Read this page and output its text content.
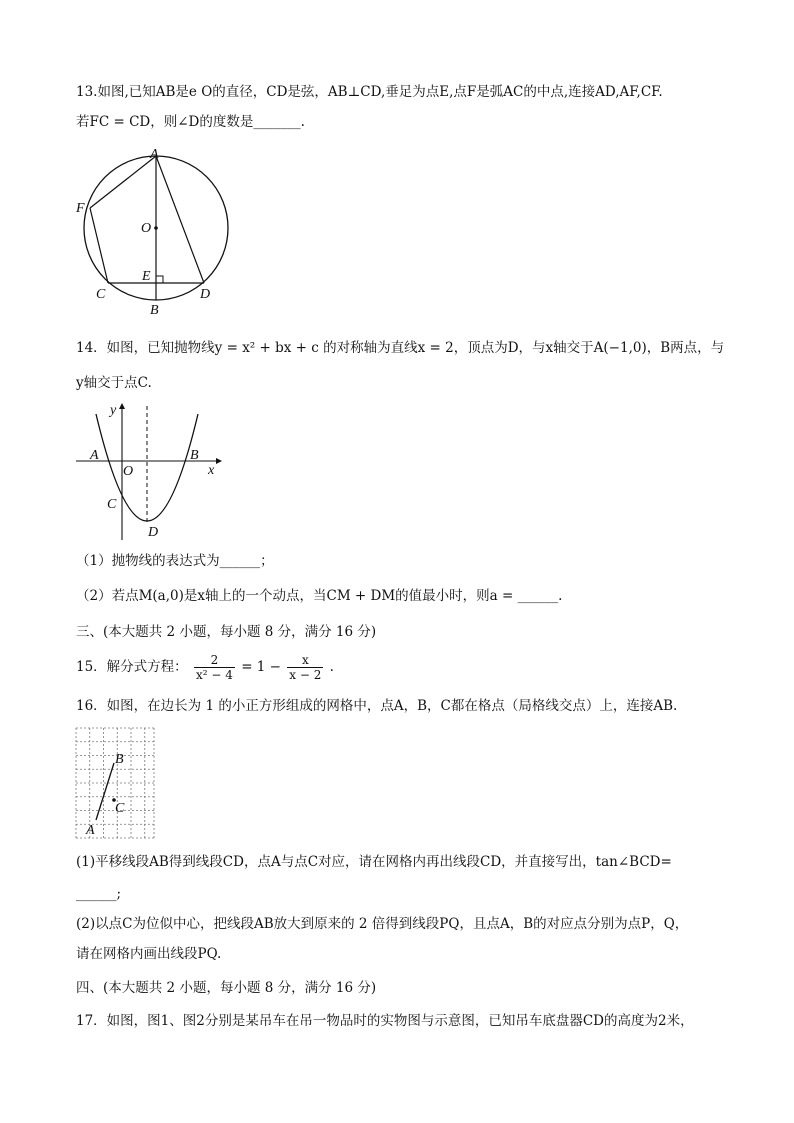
13.如图,已知AB是e O的直径，CD是弦，AB⊥CD,垂足为点E,点F是弧AC的中点,连接AD,AF,CF.
若FC = CD，则∠D的度数是_______.
A
F
O
E
C	D
B
14．如图，已知抛物线y = x² + bx + c 的对称轴为直线x = 2，顶点为D，与x轴交于A(−1,0)，B两点，与
y轴交于点C.
y
x
A
O
B
C
D
（1）抛物线的表达式为______；
（2）若点M(a,0)是x轴上的一个动点，当CM + DM的值最小时，则a = ______.
三、(本大题共 2 小题，每小题 8 分，满分 16 分)
15．解分式方程： $\frac{2}{\text{x² − 4}} = 1 - \frac{x}{x - 2}$ .
16．如图，在边长为 1 的小正方形组成的网格中，点A，B，C都在格点（局格线交点）上，连接AB.
B
C
A
(1)平移线段AB得到线段CD，点A与点C对应，请在网格内再出线段CD，并直接写出，tan∠BCD=
______;
(2)以点C为位似中心，把线段AB放大到原来的 2 倍得到线段PQ，且点A，B的对应点分别为点P，Q，
请在网格内画出线段PQ.
四、(本大题共 2 小题，每小题 8 分，满分 16 分)
17．如图，图1、图2分别是某吊车在吊一物品时的实物图与示意图，已知吊车底盘器CD的高度为2米，
